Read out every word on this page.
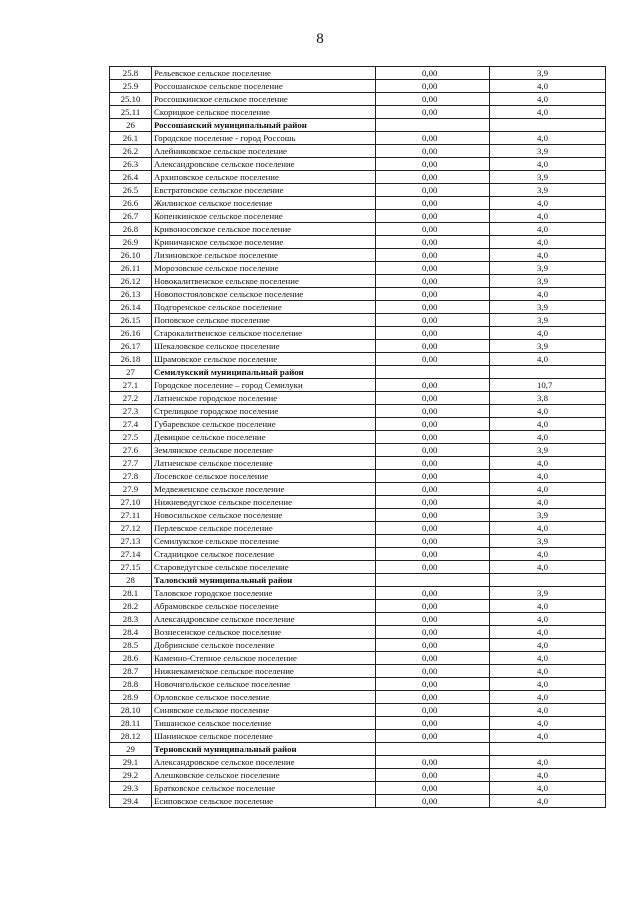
8
25.8	Рельевское сельское поселение	0,00	3,9
25.9	Россошанское сельское поселение	0,00	4,0
25.10	Россошкинское сельское поселение	0,00	4,0
25.11	Скорицкое сельское поселение	0,00	4,0
26	Россошанский муниципальный район		
26.1	Городское поселение - город Россошь	0,00	4,0
26.2	Алейниковское сельское поселение	0,00	3,9
26.3	Александровское сельское поселение	0,00	4,0
26.4	Архиповское сельское поселение	0,00	3,9
26.5	Евстратовское сельское поселение	0,00	3,9
26.6	Жилинское сельское поселение	0,00	4,0
26.7	Копенкинское сельское поселение	0,00	4,0
26.8	Кривоносовское сельское поселение	0,00	4,0
26.9	Криничанское сельское поселение	0,00	4,0
26.10	Лизиновское сельское поселение	0,00	4,0
26.11	Морозовское сельское поселение	0,00	3,9
26.12	Новокалитвенское сельское поселение	0,00	3,9
26.13	Новопостояловское сельское поселение	0,00	4,0
26.14	Подгоренское сельское поселение	0,00	3,9
26.15	Поповское сельское поселение	0,00	3,9
26.16	Старокалитвенское сельское поселение	0,00	4,0
26.17	Шекаловское сельское поселение	0,00	3,9
26.18	Шрамовское сельское поселение	0,00	4,0
27	Семилукский муниципальный район		
27.1	Городское поселение – город Семилуки	0,00	10,7
27.2	Латненское городское поселение	0,00	3,8
27.3	Стрелицкое городское поселение	0,00	4,0
27.4	Губаревское сельское поселение	0,00	4,0
27.5	Девицкое сельское поселение	0,00	4,0
27.6	Землянское сельское поселение	0,00	3,9
27.7	Латненское сельское поселение	0,00	4,0
27.8	Лосевское сельское поселение	0,00	4,0
27.9	Медвеженское сельское поселение	0,00	4,0
27.10	Нижневедугское сельское поселение	0,00	4,0
27.11	Новосильское сельское поселение	0,00	3,9
27.12	Перлевское сельское поселение	0,00	4,0
27.13	Семилукское сельское поселение	0,00	3,9
27.14	Стадницкое сельское поселение	0,00	4,0
27.15	Староведугское сельское поселение	0,00	4,0
28	Таловский муниципальный район		
28.1	Таловское городское поселение	0,00	3,9
28.2	Абрамовское сельское поселение	0,00	4,0
28.3	Александровское сельское поселение	0,00	4,0
28.4	Вознесенское сельское поселение	0,00	4,0
28.5	Добринское сельское поселение	0,00	4,0
28.6	Каменно-Степное сельское поселение	0,00	4,0
28.7	Нижнекаменское сельское поселение	0,00	4,0
28.8	Новочигольское сельское поселение	0,00	4,0
28.9	Орловское сельское поселение	0,00	4,0
28.10	Синявское сельское поселение	0,00	4,0
28.11	Тишанское сельское поселение	0,00	4,0
28.12	Шанинское сельское поселение	0,00	4,0
29	Терновский муниципальный район		
29.1	Александровское сельское поселение	0,00	4,0
29.2	Алешковское сельское поселение	0,00	4,0
29.3	Братковское сельское поселение	0,00	4,0
29.4	Есиповское сельское поселение	0,00	4,0
